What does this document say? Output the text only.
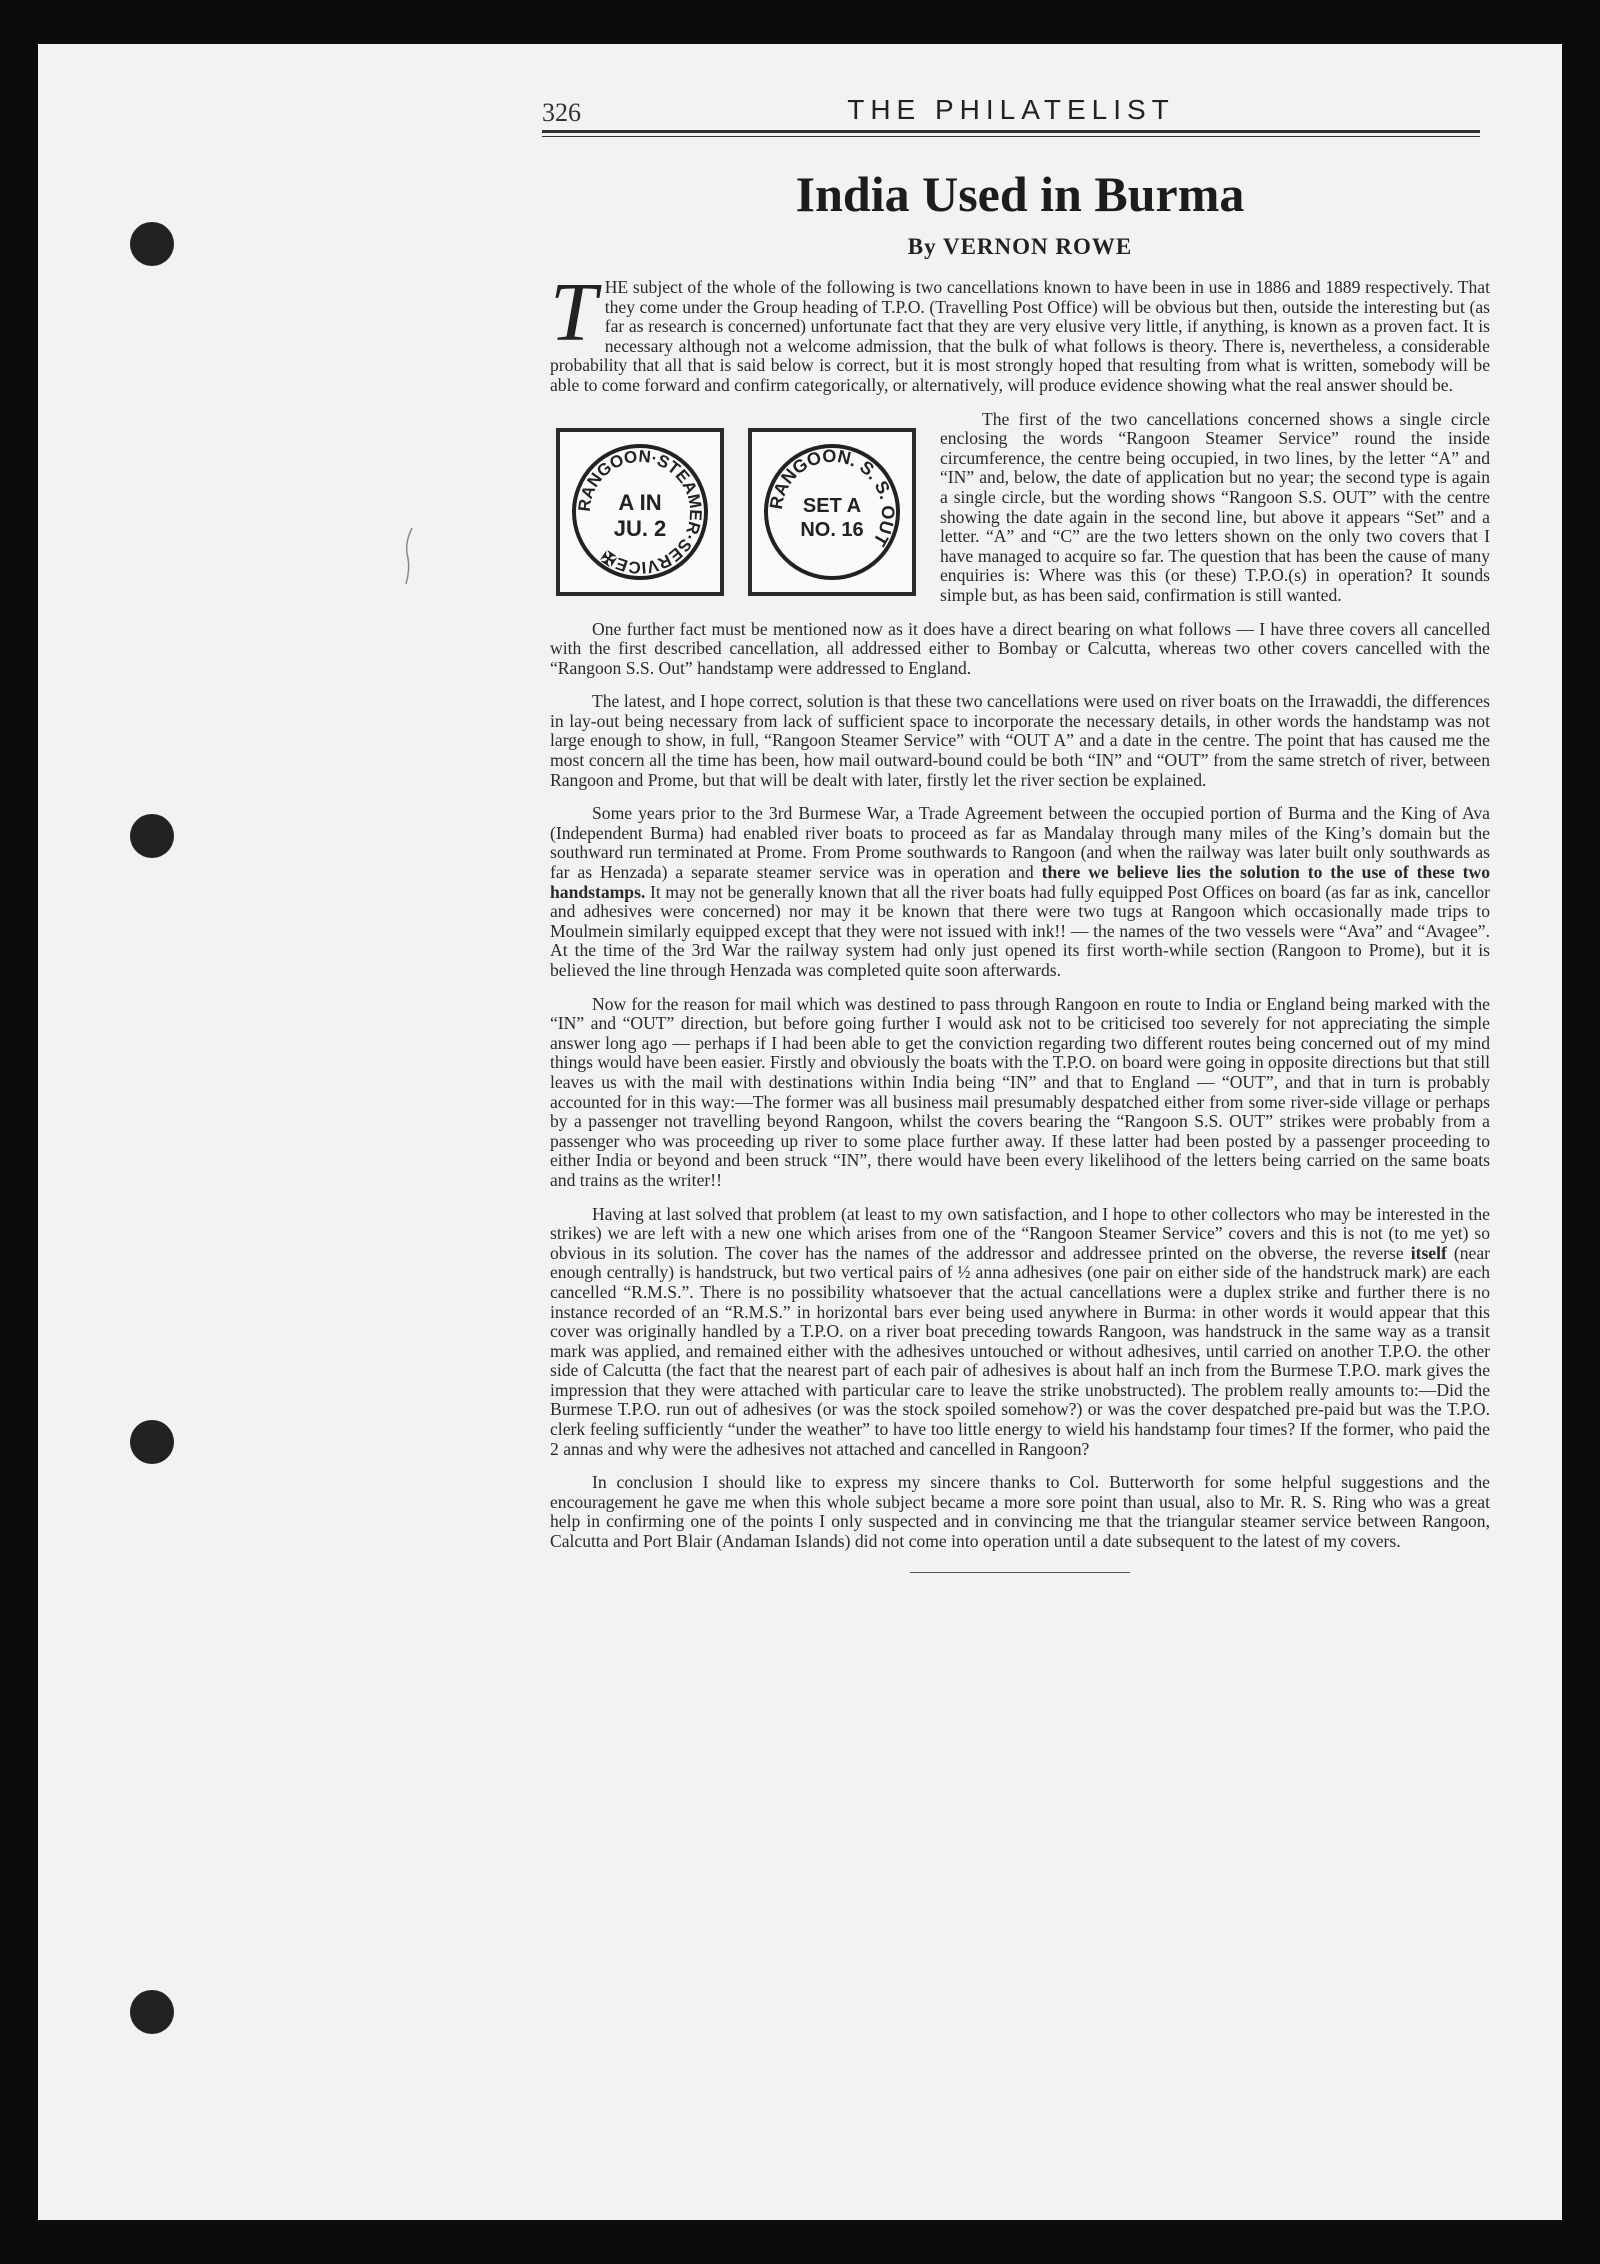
326	THE PHILATELIST
India Used in Burma
By VERNON ROWE

THE subject of the whole of the following is two cancellations known to have been in use in 1886 and 1889 respectively. That they come under the Group heading of T.P.O. (Travelling Post Office) will be obvious but then, outside the interesting but (as far as research is concerned) unfortunate fact that they are very elusive very little, if anything, is known as a proven fact. It is necessary although not a welcome admission, that the bulk of what follows is theory. There is, nevertheless, a considerable probability that all that is said below is correct, but it is most strongly hoped that resulting from what is written, somebody will be able to come forward and confirm categorically, or alternatively, will produce evidence showing what the real answer should be.

RANGOON·STEAMER·SERVICE✠
A IN
JU. 2
RANGOON. S. S. OUT
SET A
NO. 16

The first of the two cancellations concerned shows a single circle enclosing the words “Rangoon Steamer Service” round the inside circumference, the centre being occupied, in two lines, by the letter “A” and “IN” and, below, the date of application but no year; the second type is again a single circle, but the wording shows “Rangoon S.S. OUT” with the centre showing the date again in the second line, but above it appears “Set” and a letter. “A” and “C” are the two letters shown on the only two covers that I have managed to acquire so far. The question that has been the cause of many enquiries is: Where was this (or these) T.P.O.(s) in operation? It sounds simple but, as has been said, confirmation is still wanted.

One further fact must be mentioned now as it does have a direct bearing on what follows — I have three covers all cancelled with the first described cancellation, all addressed either to Bombay or Calcutta, whereas two other covers cancelled with the “Rangoon S.S. Out” handstamp were addressed to England.

The latest, and I hope correct, solution is that these two cancellations were used on river boats on the Irrawaddi, the differences in lay-out being necessary from lack of sufficient space to incorporate the necessary details, in other words the handstamp was not large enough to show, in full, “Rangoon Steamer Service” with “OUT A” and a date in the centre. The point that has caused me the most concern all the time has been, how mail outward-bound could be both “IN” and “OUT” from the same stretch of river, between Rangoon and Prome, but that will be dealt with later, firstly let the river section be explained.

Some years prior to the 3rd Burmese War, a Trade Agreement between the occupied portion of Burma and the King of Ava (Independent Burma) had enabled river boats to proceed as far as Mandalay through many miles of the King’s domain but the southward run terminated at Prome. From Prome southwards to Rangoon (and when the railway was later built only southwards as far as Henzada) a separate steamer service was in operation and there we believe lies the solution to the use of these two handstamps. It may not be generally known that all the river boats had fully equipped Post Offices on board (as far as ink, cancellor and adhesives were concerned) nor may it be known that there were two tugs at Rangoon which occasionally made trips to Moulmein similarly equipped except that they were not issued with ink!! — the names of the two vessels were “Ava” and “Avagee”. At the time of the 3rd War the railway system had only just opened its first worth-while section (Rangoon to Prome), but it is believed the line through Henzada was completed quite soon afterwards.

Now for the reason for mail which was destined to pass through Rangoon en route to India or England being marked with the “IN” and “OUT” direction, but before going further I would ask not to be criticised too severely for not appreciating the simple answer long ago — perhaps if I had been able to get the conviction regarding two different routes being concerned out of my mind things would have been easier. Firstly and obviously the boats with the T.P.O. on board were going in opposite directions but that still leaves us with the mail with destinations within India being “IN” and that to England — “OUT”, and that in turn is probably accounted for in this way:—The former was all business mail presumably despatched either from some river-side village or perhaps by a passenger not travelling beyond Rangoon, whilst the covers bearing the “Rangoon S.S. OUT” strikes were probably from a passenger who was proceeding up river to some place further away. If these latter had been posted by a passenger proceeding to either India or beyond and been struck “IN”, there would have been every likelihood of the letters being carried on the same boats and trains as the writer!!

Having at last solved that problem (at least to my own satisfaction, and I hope to other collectors who may be interested in the strikes) we are left with a new one which arises from one of the “Rangoon Steamer Service” covers and this is not (to me yet) so obvious in its solution. The cover has the names of the addressor and addressee printed on the obverse, the reverse itself (near enough centrally) is handstruck, but two vertical pairs of ½ anna adhesives (one pair on either side of the handstruck mark) are each cancelled “R.M.S.”. There is no possibility whatsoever that the actual cancellations were a duplex strike and further there is no instance recorded of an “R.M.S.” in horizontal bars ever being used anywhere in Burma: in other words it would appear that this cover was originally handled by a T.P.O. on a river boat preceding towards Rangoon, was handstruck in the same way as a transit mark was applied, and remained either with the adhesives untouched or without adhesives, until carried on another T.P.O. the other side of Calcutta (the fact that the nearest part of each pair of adhesives is about half an inch from the Burmese T.P.O. mark gives the impression that they were attached with particular care to leave the strike unobstructed). The problem really amounts to:—Did the Burmese T.P.O. run out of adhesives (or was the stock spoiled somehow?) or was the cover despatched pre-paid but was the T.P.O. clerk feeling sufficiently “under the weather” to have too little energy to wield his handstamp four times? If the former, who paid the 2 annas and why were the adhesives not attached and cancelled in Rangoon?

In conclusion I should like to express my sincere thanks to Col. Butterworth for some helpful suggestions and the encouragement he gave me when this whole subject became a more sore point than usual, also to Mr. R. S. Ring who was a great help in confirming one of the points I only suspected and in convincing me that the triangular steamer service between Rangoon, Calcutta and Port Blair (Andaman Islands) did not come into operation until a date subsequent to the latest of my covers.
